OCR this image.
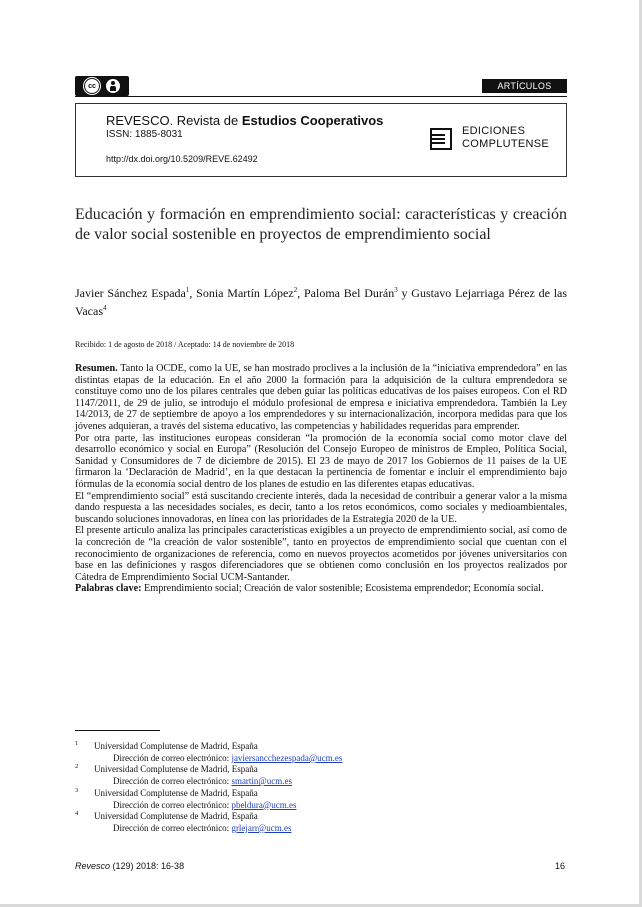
cc	ARTÍCULOS
REVESCO. Revista de Estudios Cooperativos
ISSN: 1885-8031
http://dx.doi.org/10.5209/REVE.62492
EDICIONES
COMPLUTENSE
Educación y formación en emprendimiento social: características y creación de valor social sostenible en proyectos de emprendimiento social
Javier Sánchez Espada$^1$, Sonia Martín López$^2$, Paloma Bel Durán$^3$ y Gustavo Lejarriaga Pérez de las Vacas$^4$
Recibido: 1 de agosto de 2018 / Aceptado: 14 de noviembre de 2018

Resumen. Tanto la OCDE, como la UE, se han mostrado proclives a la inclusión de la “iniciativa emprendedora” en las distintas etapas de la educación. En el año 2000 la formación para la adquisición de la cultura emprendedora se constituye como uno de los pilares centrales que deben guiar las políticas educativas de los países europeos. Con el RD 1147/2011, de 29 de julio, se introdujo el módulo profesional de empresa e iniciativa emprendedora. También la Ley 14/2013, de 27 de septiembre de apoyo a los emprendedores y su internacionalización, incorpora medidas para que los jóvenes adquieran, a través del sistema educativo, las competencias y habilidades requeridas para emprender.

Por otra parte, las instituciones europeas consideran “la promoción de la economía social como motor clave del desarrollo económico y social en Europa” (Resolución del Consejo Europeo de ministros de Empleo, Política Social, Sanidad y Consumidores de 7 de diciembre de 2015). El 23 de mayo de 2017 los Gobiernos de 11 países de la UE firmaron la ‘Declaración de Madrid’, en la que destacan la pertinencia de fomentar e incluir el emprendimiento bajo fórmulas de la economía social dentro de los planes de estudio en las diferentes etapas educativas.

El “emprendimiento social” está suscitando creciente interés, dada la necesidad de contribuir a generar valor a la misma dando respuesta a las necesidades sociales, es decir, tanto a los retos económicos, como sociales y medioambientales, buscando soluciones innovadoras, en línea con las prioridades de la Estrategia 2020 de la UE.

El presente artículo analiza las principales características exigibles a un proyecto de emprendimiento social, así como de la concreción de “la creación de valor sostenible”, tanto en proyectos de emprendimiento social que cuentan con el reconocimiento de organizaciones de referencia, como en nuevos proyectos acometidos por jóvenes universitarios con base en las definiciones y rasgos diferenciadores que se obtienen como conclusión en los proyectos realizados por Cátedra de Emprendimiento Social UCM-Santander.

Palabras clave: Emprendimiento social; Creación de valor sostenible; Ecosistema emprendedor; Economía social.

1 Universidad Complutense de Madrid, España
Dirección de correo electrónico: javiersancchezespada@ucm.es
2 Universidad Complutense de Madrid, España
Dirección de correo electrónico: smartin@ucm.es
3 Universidad Complutense de Madrid, España
Dirección de correo electrónico: pbeldura@ucm.es
4 Universidad Complutense de Madrid, España
Dirección de correo electrónico: grlejarr@ucm.es
Revesco (129) 2018: 16-38	16
